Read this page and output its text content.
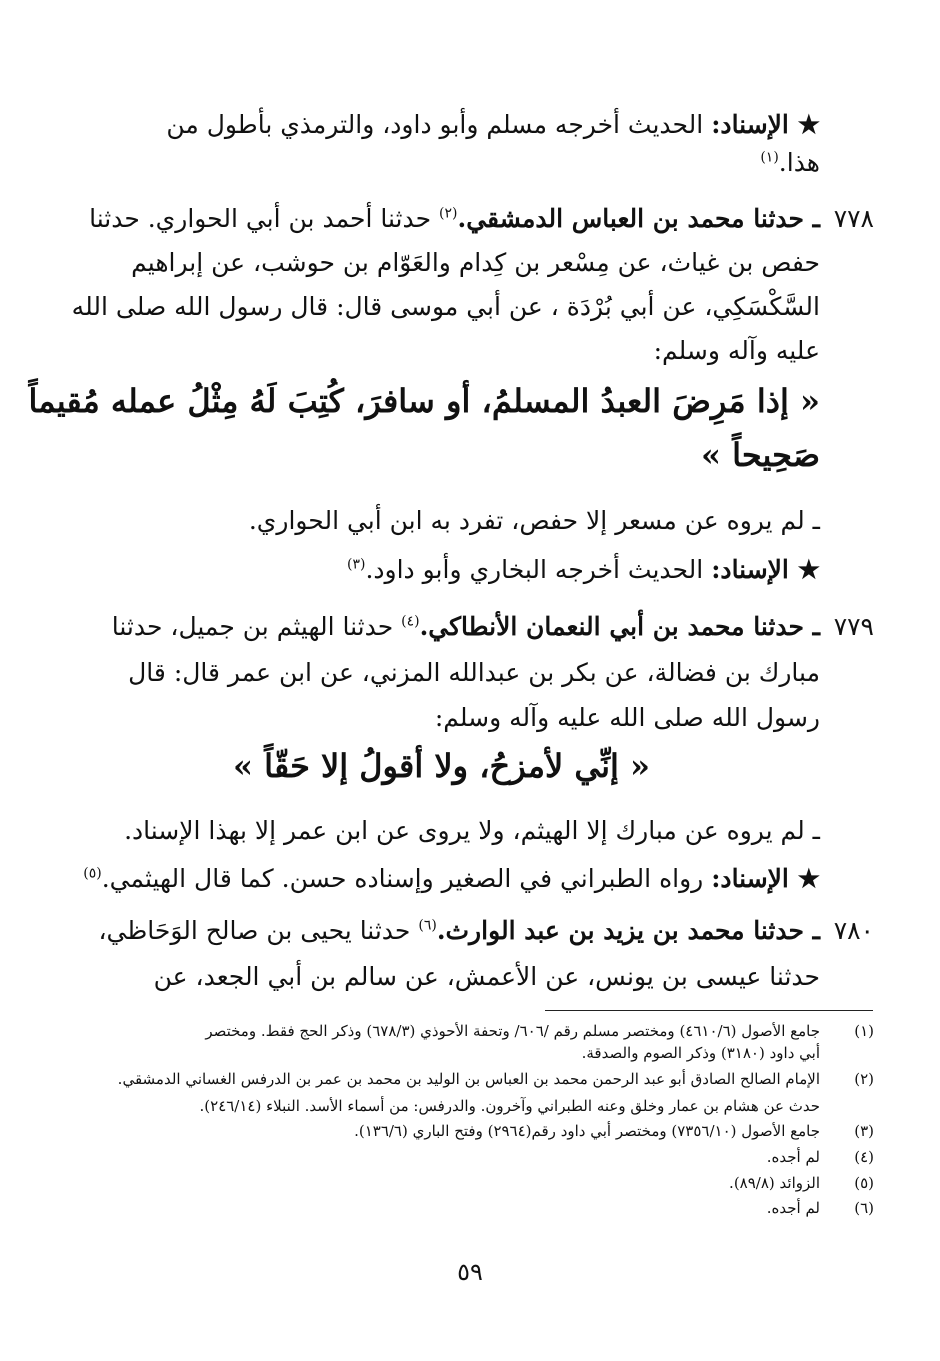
★ الإسناد: الحديث أخرجه مسلم وأبو داود، والترمذي بأطول من
هذا.$^{(١)}$
٧٧٨
ـ حدثنا محمد بن العباس الدمشقي.$^{(٢)}$ حدثنا أحمد بن أبي الحواري. حدثنا
حفص بن غياث، عن مِسْعر بن كِدام والعَوّام بن حوشب، عن إبراهيم
السَّكْسَكِي، عن أبي بُرْدَة ، عن أبي موسى قال: قال رسول الله صلى الله
عليه وآله وسلم:
« إذا مَرِضَ العبدُ المسلمُ، أو سافرَ، كُتِبَ لَهُ مِثْلُ عمله مُقيماً
صَحِيحاً »
ـ لم يروه عن مسعر إلا حفص، تفرد به ابن أبي الحواري.
★ الإسناد: الحديث أخرجه البخاري وأبو داود.$^{(٣)}$
٧٧٩
ـ حدثنا محمد بن أبي النعمان الأنطاكي.$^{(٤)}$ حدثنا الهيثم بن جميل، حدثنا
مبارك بن فضالة، عن بكر بن عبدالله المزني، عن ابن عمر قال: قال
رسول الله صلى الله عليه وآله وسلم:
« إنِّي لأمزحُ، ولا أقولُ إلا حَقّاً »
ـ لم يروه عن مبارك إلا الهيثم، ولا يروى عن ابن عمر إلا بهذا الإسناد.
★ الإسناد: رواه الطبراني في الصغير وإسناده حسن. كما قال الهيثمي.$^{(٥)}$
٧٨٠
ـ حدثنا محمد بن يزيد بن عبد الوارث.$^{(٦)}$ حدثنا يحيى بن صالح الوَحَاظي،
حدثنا عيسى بن يونس، عن الأعمش، عن سالم بن أبي الجعد، عن
(١)
جامع الأصول (٤٦١٠/٦) ومختصر مسلم رقم /٦٠٦/ وتحفة الأحوذي (٦٧٨/٣) وذكر الحج فقط. ومختصر
أبي داود (٣١٨٠) وذكر الصوم والصدقة.
(٢)
الإمام الصالح الصادق أبو عبد الرحمن محمد بن العباس بن الوليد بن محمد بن عمر بن الدرفس الغساني الدمشقي.
حدث عن هشام بن عمار وخلق وعنه الطبراني وآخرون. والدرفس: من أسماء الأسد. النبلاء (٢٤٦/١٤).
(٣)
جامع الأصول (٧٣٥٦/١٠) ومختصر أبي داود رقم(٢٩٦٤) وفتح الباري (١٣٦/٦).
(٤)
لم أجده.
(٥)
الزوائد (٨٩/٨).
(٦)
لم أجده.
٥٩
